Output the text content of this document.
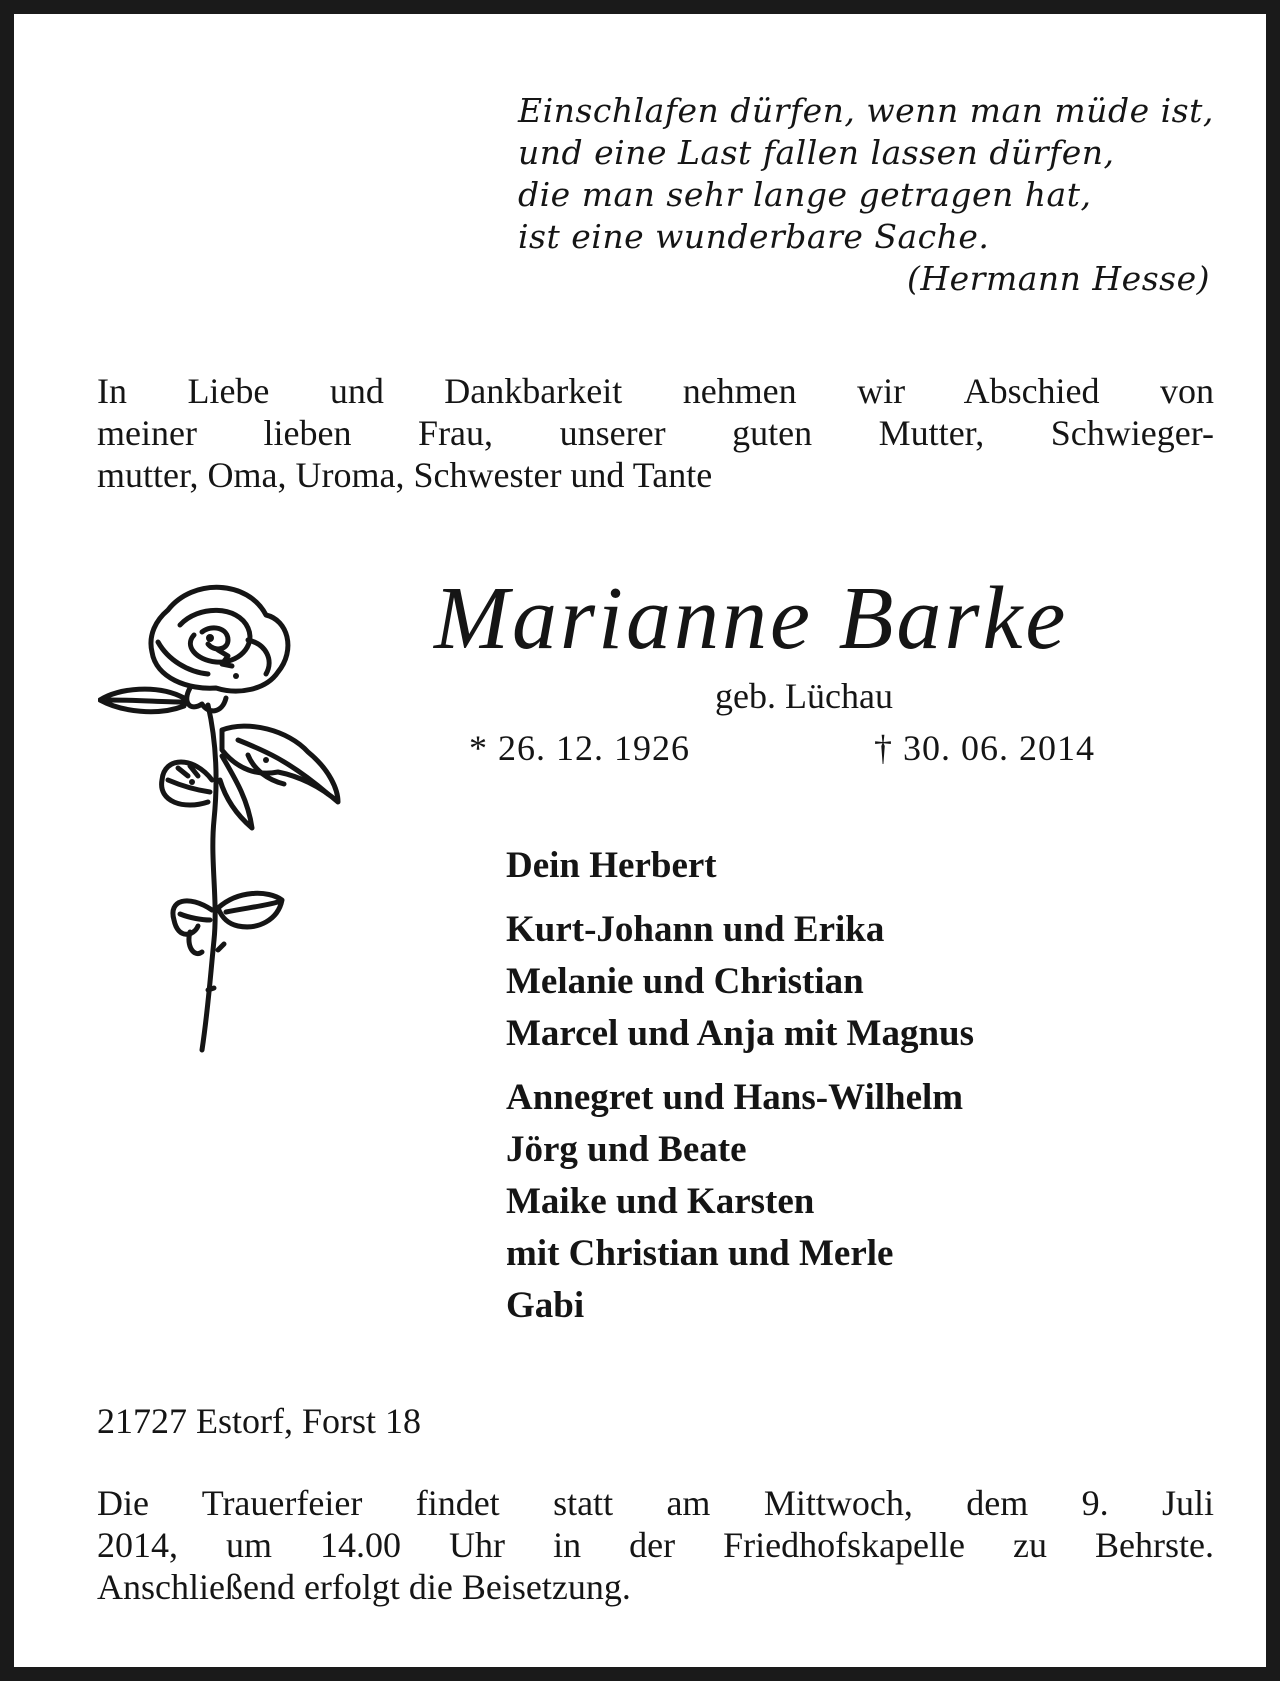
Einschlafen dürfen, wenn man müde ist,
und eine Last fallen lassen dürfen,
die man sehr lange getragen hat,
ist eine wunderbare Sache.
(Hermann Hesse)
In Liebe und Dankbarkeit nehmen wir Abschied von
meiner lieben Frau, unserer guten Mutter, Schwieger-
mutter, Oma, Uroma, Schwester und Tante
Marianne Barke
geb. Lüchau
* 26. 12. 1926	† 30. 06. 2014
Dein Herbert
Kurt-Johann und Erika
Melanie und Christian
Marcel und Anja mit Magnus
Annegret und Hans-Wilhelm
Jörg und Beate
Maike und Karsten
mit Christian und Merle
Gabi
21727 Estorf, Forst 18
Die Trauerfeier findet statt am Mittwoch, dem 9. Juli
2014, um 14.00 Uhr in der Friedhofskapelle zu Behrste.
Anschließend erfolgt die Beisetzung.
